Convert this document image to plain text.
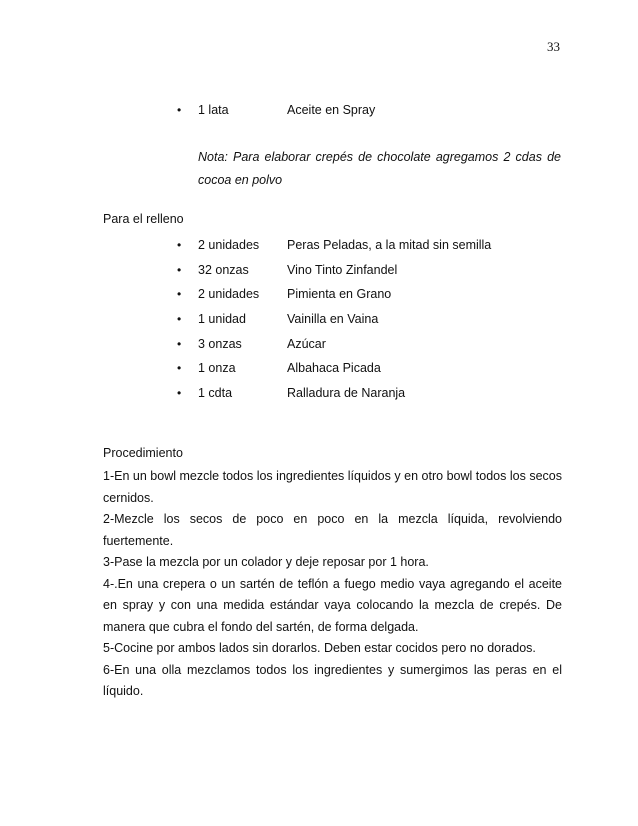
33
• 1 lata	Aceite en Spray

Nota: Para elaborar crepés de chocolate agregamos 2 cdas de cocoa en polvo

Para el relleno
• 2 unidades Peras Peladas, a la mitad sin semilla
• 32 onzas	Vino Tinto Zinfandel
• 2 unidades Pimienta en Grano
• 1 unidad	Vainilla en Vaina
• 3 onzas	Azúcar
• 1 onza	Albahaca Picada
• 1 cdta	Ralladura de Naranja
Procedimiento

1-En un bowl mezcle todos los ingredientes líquidos y en otro bowl todos los secos cernidos.

2-Mezcle los secos de poco en poco en la mezcla líquida, revolviendo fuertemente.

3-Pase la mezcla por un colador y deje reposar por 1 hora.

4-.En una crepera o un sartén de teflón a fuego medio vaya agregando el aceite en spray y con una medida estándar vaya colocando la mezcla de crepés. De manera que cubra el fondo del sartén, de forma delgada.

5-Cocine por ambos lados sin dorarlos. Deben estar cocidos pero no dorados.

6-En una olla mezclamos todos los ingredientes y sumergimos las peras en el líquido.
